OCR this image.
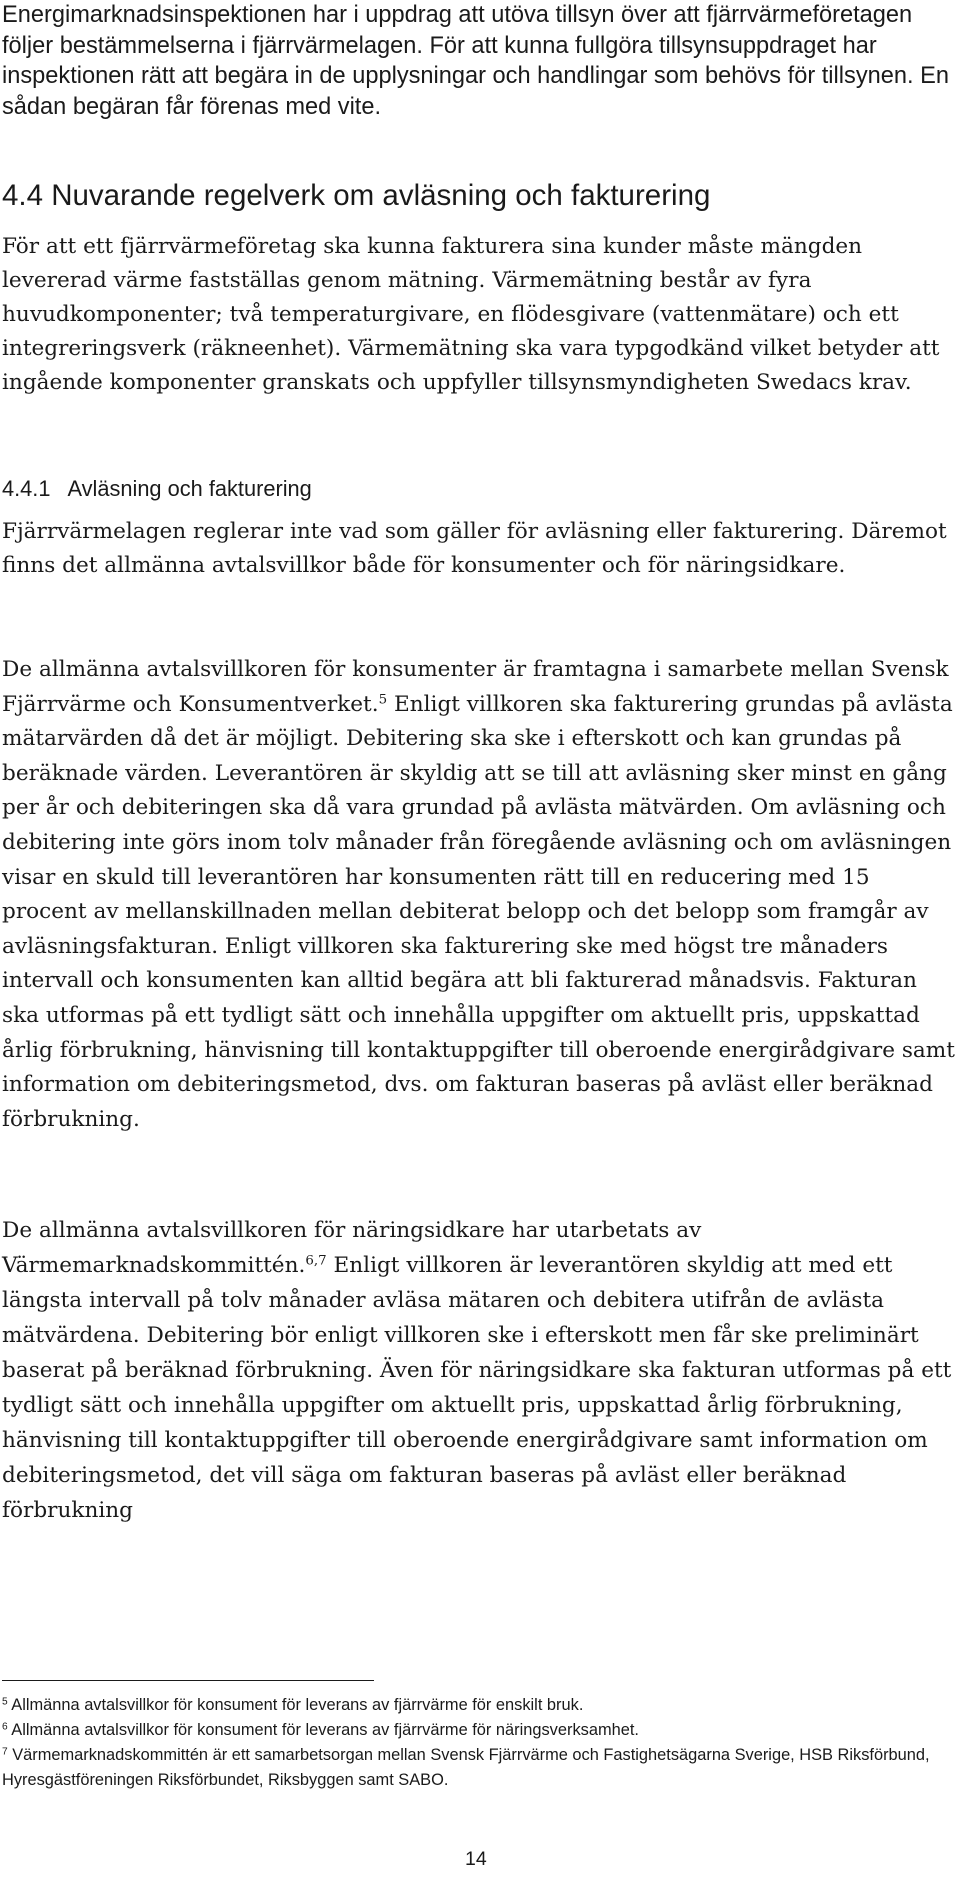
Energimarknadsinspektionen har i uppdrag att utöva tillsyn över att fjärrvärmeföretagen följer bestämmelserna i fjärrvärmelagen. För att kunna fullgöra tillsynsuppdraget har inspektionen rätt att begära in de upplysningar och handlingar som behövs för tillsynen. En sådan begäran får förenas med vite.

4.4 Nuvarande regelverk om avläsning och fakturering

För att ett fjärrvärmeföretag ska kunna fakturera sina kunder måste mängden levererad värme fastställas genom mätning. Värmemätning består av fyra huvudkomponenter; två temperaturgivare, en flödesgivare (vattenmätare) och ett integreringsverk (räkneenhet). Värmemätning ska vara typgodkänd vilket betyder att ingående komponenter granskats och uppfyller tillsynsmyndigheten Swedacs krav.

4.4.1   Avläsning och fakturering

Fjärrvärmelagen reglerar inte vad som gäller för avläsning eller fakturering. Däremot finns det allmänna avtalsvillkor både för konsumenter och för näringsidkare.

De allmänna avtalsvillkoren för konsumenter är framtagna i samarbete mellan Svensk Fjärrvärme och Konsumentverket.$^5$ Enligt villkoren ska fakturering grundas på avlästa mätarvärden då det är möjligt. Debitering ska ske i efterskott och kan grundas på beräknade värden. Leverantören är skyldig att se till att avläsning sker minst en gång per år och debiteringen ska då vara grundad på avlästa mätvärden. Om avläsning och debitering inte görs inom tolv månader från föregående avläsning och om avläsningen visar en skuld till leverantören har konsumenten rätt till en reducering med 15 procent av mellanskillnaden mellan debiterat belopp och det belopp som framgår av avläsningsfakturan. Enligt villkoren ska fakturering ske med högst tre månaders intervall och konsumenten kan alltid begära att bli fakturerad månadsvis. Fakturan ska utformas på ett tydligt sätt och innehålla uppgifter om aktuellt pris, uppskattad årlig förbrukning, hänvisning till kontaktuppgifter till oberoende energirådgivare samt information om debiteringsmetod, dvs. om fakturan baseras på avläst eller beräknad förbrukning.

De allmänna avtalsvillkoren för näringsidkare har utarbetats av Värmemarknadskommittén.$^{6,7}$ Enligt villkoren är leverantören skyldig att med ett längsta intervall på tolv månader avläsa mätaren och debitera utifrån de avlästa mätvärdena. Debitering bör enligt villkoren ske i efterskott men får ske preliminärt baserat på beräknad förbrukning. Även för näringsidkare ska fakturan utformas på ett tydligt sätt och innehålla uppgifter om aktuellt pris, uppskattad årlig förbrukning, hänvisning till kontaktuppgifter till oberoende energirådgivare samt information om debiteringsmetod, det vill säga om fakturan baseras på avläst eller beräknad förbrukning

$^5$ Allmänna avtalsvillkor för konsument för leverans av fjärrvärme för enskilt bruk.

$^6$ Allmänna avtalsvillkor för konsument för leverans av fjärrvärme för näringsverksamhet.

$^7$ Värmemarknadskommittén är ett samarbetsorgan mellan Svensk Fjärrvärme och Fastighetsägarna Sverige, HSB Riksförbund, Hyresgästföreningen Riksförbundet, Riksbyggen samt SABO.

14
